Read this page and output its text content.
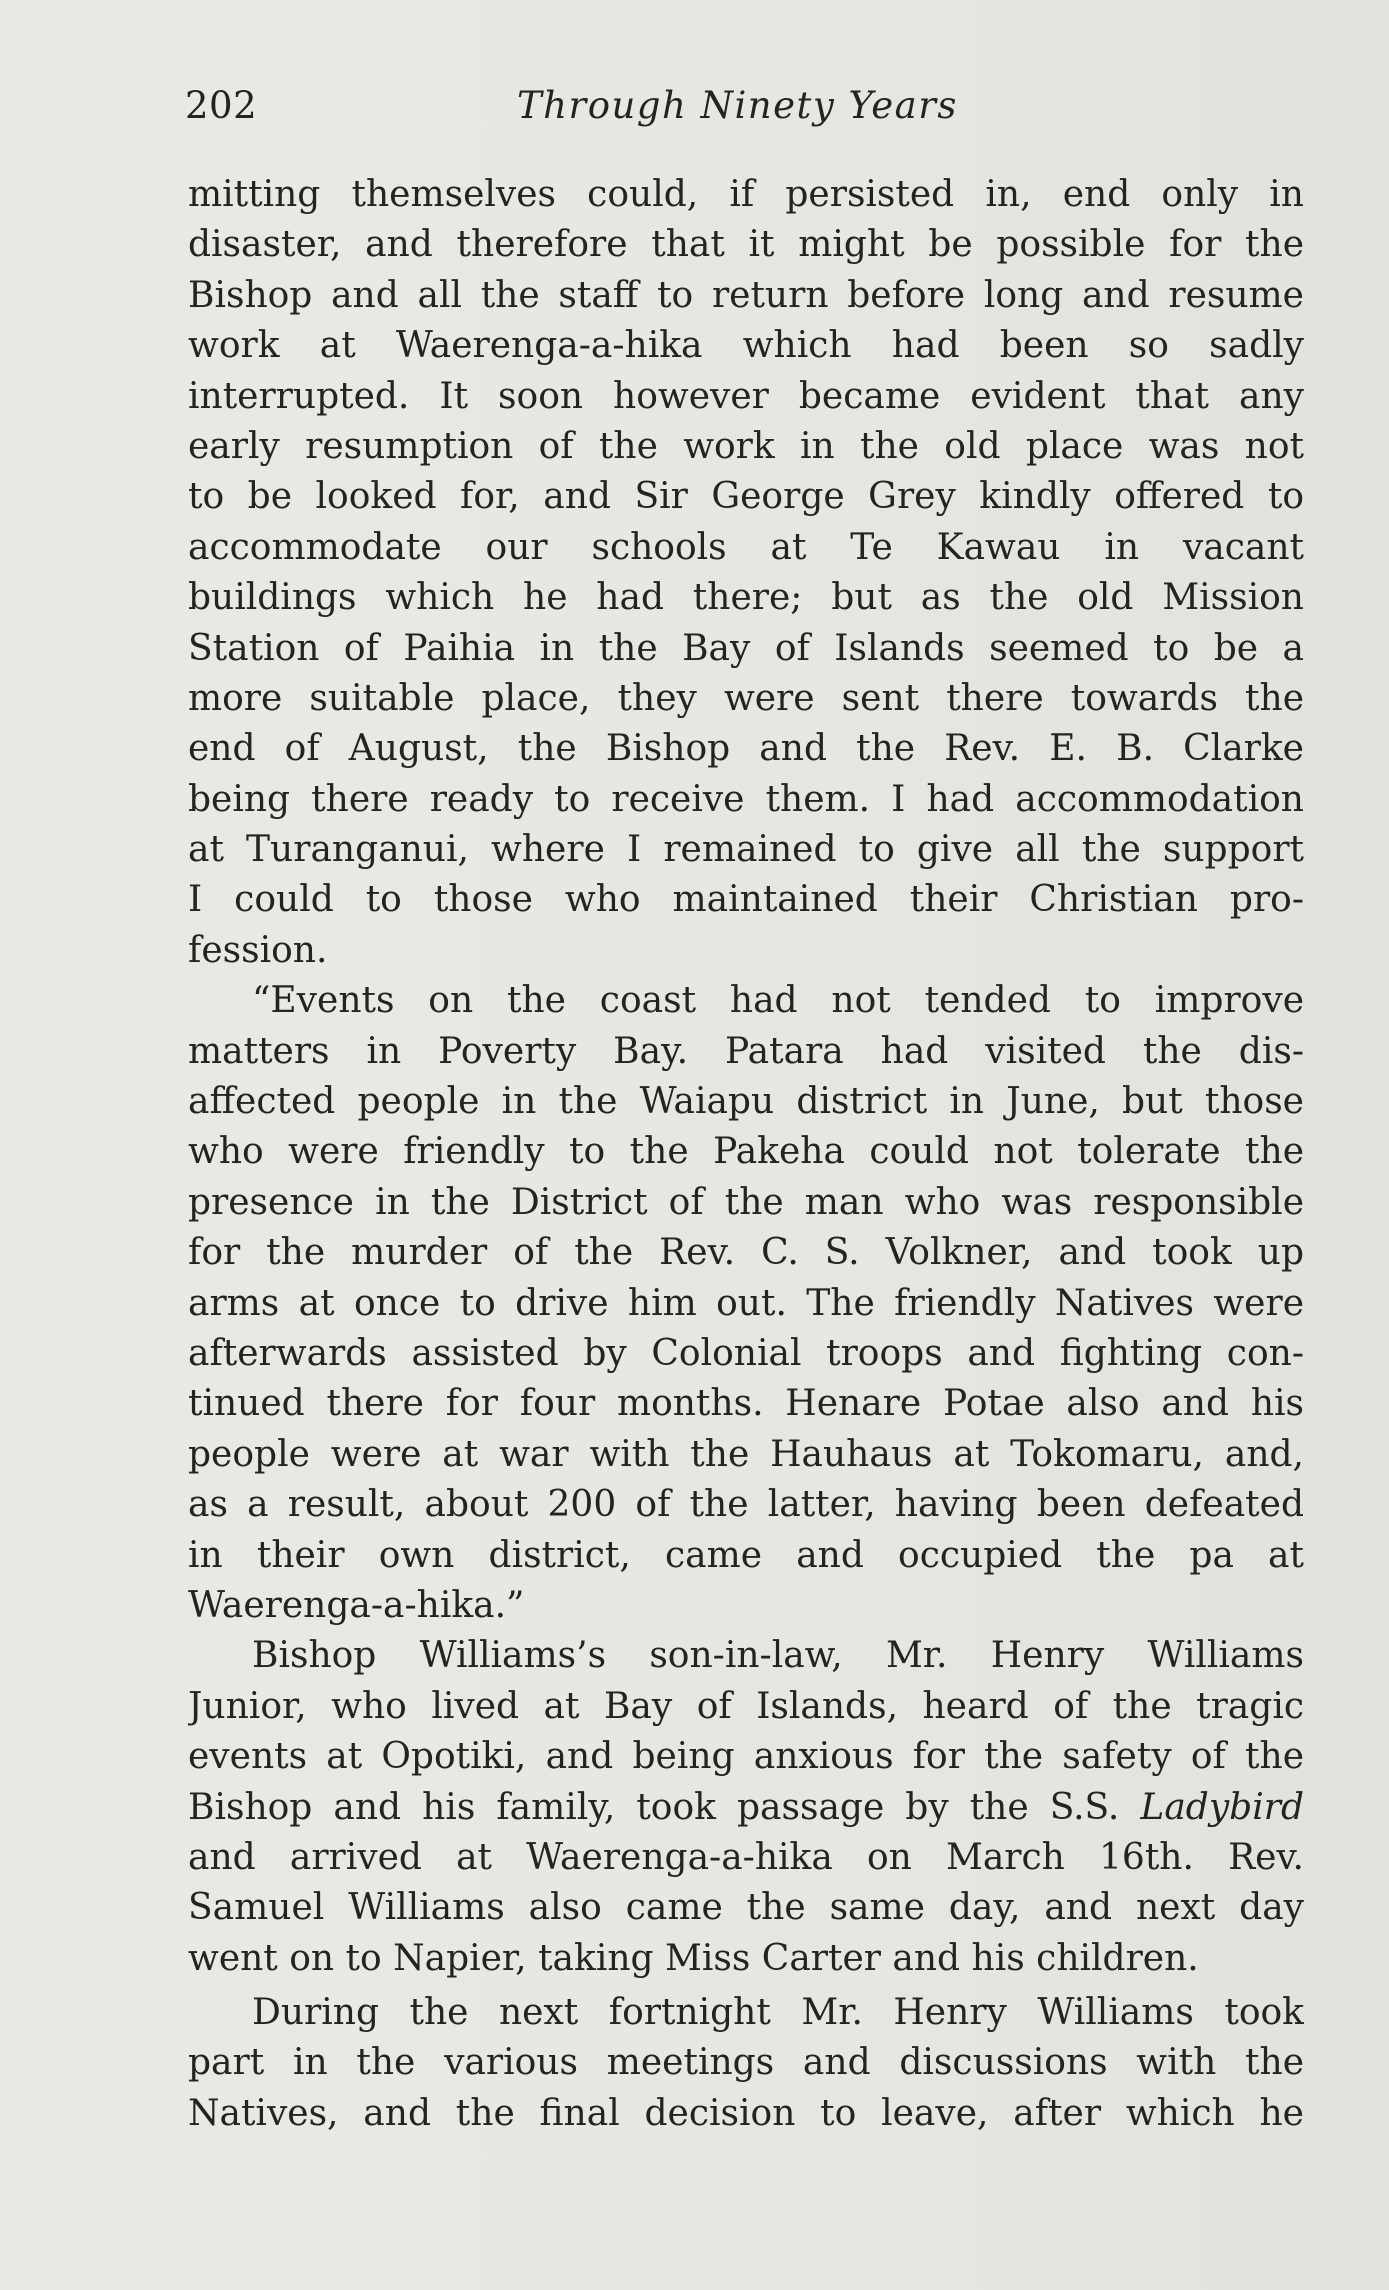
202	Through Ninety Years
mitting themselves could, if persisted in, end only in
disaster, and therefore that it might be possible for the
Bishop and all the staff to return before long and resume
work at Waerenga-a-hika which had been so sadly
interrupted. It soon however became evident that any
early resumption of the work in the old place was not
to be looked for, and Sir George Grey kindly offered to
accommodate our schools at Te Kawau in vacant
buildings which he had there; but as the old Mission
Station of Paihia in the Bay of Islands seemed to be a
more suitable place, they were sent there towards the
end of August, the Bishop and the Rev. E. B. Clarke
being there ready to receive them. I had accommodation
at Turanganui, where I remained to give all the support
I could to those who maintained their Christian pro-
fession.
“Events on the coast had not tended to improve
matters in Poverty Bay. Patara had visited the dis-
affected people in the Waiapu district in June, but those
who were friendly to the Pakeha could not tolerate the
presence in the District of the man who was responsible
for the murder of the Rev. C. S. Volkner, and took up
arms at once to drive him out. The friendly Natives were
afterwards assisted by Colonial troops and fighting con-
tinued there for four months. Henare Potae also and his
people were at war with the Hauhaus at Tokomaru, and,
as a result, about 200 of the latter, having been defeated
in their own district, came and occupied the pa at
Waerenga-a-hika.”
Bishop Williams’s son-in-law, Mr. Henry Williams
Junior, who lived at Bay of Islands, heard of the tragic
events at Opotiki, and being anxious for the safety of the
Bishop and his family, took passage by the S.S. Ladybird
and arrived at Waerenga-a-hika on March 16th. Rev.
Samuel Williams also came the same day, and next day
went on to Napier, taking Miss Carter and his children.
During the next fortnight Mr. Henry Williams took
part in the various meetings and discussions with the
Natives, and the final decision to leave, after which he
